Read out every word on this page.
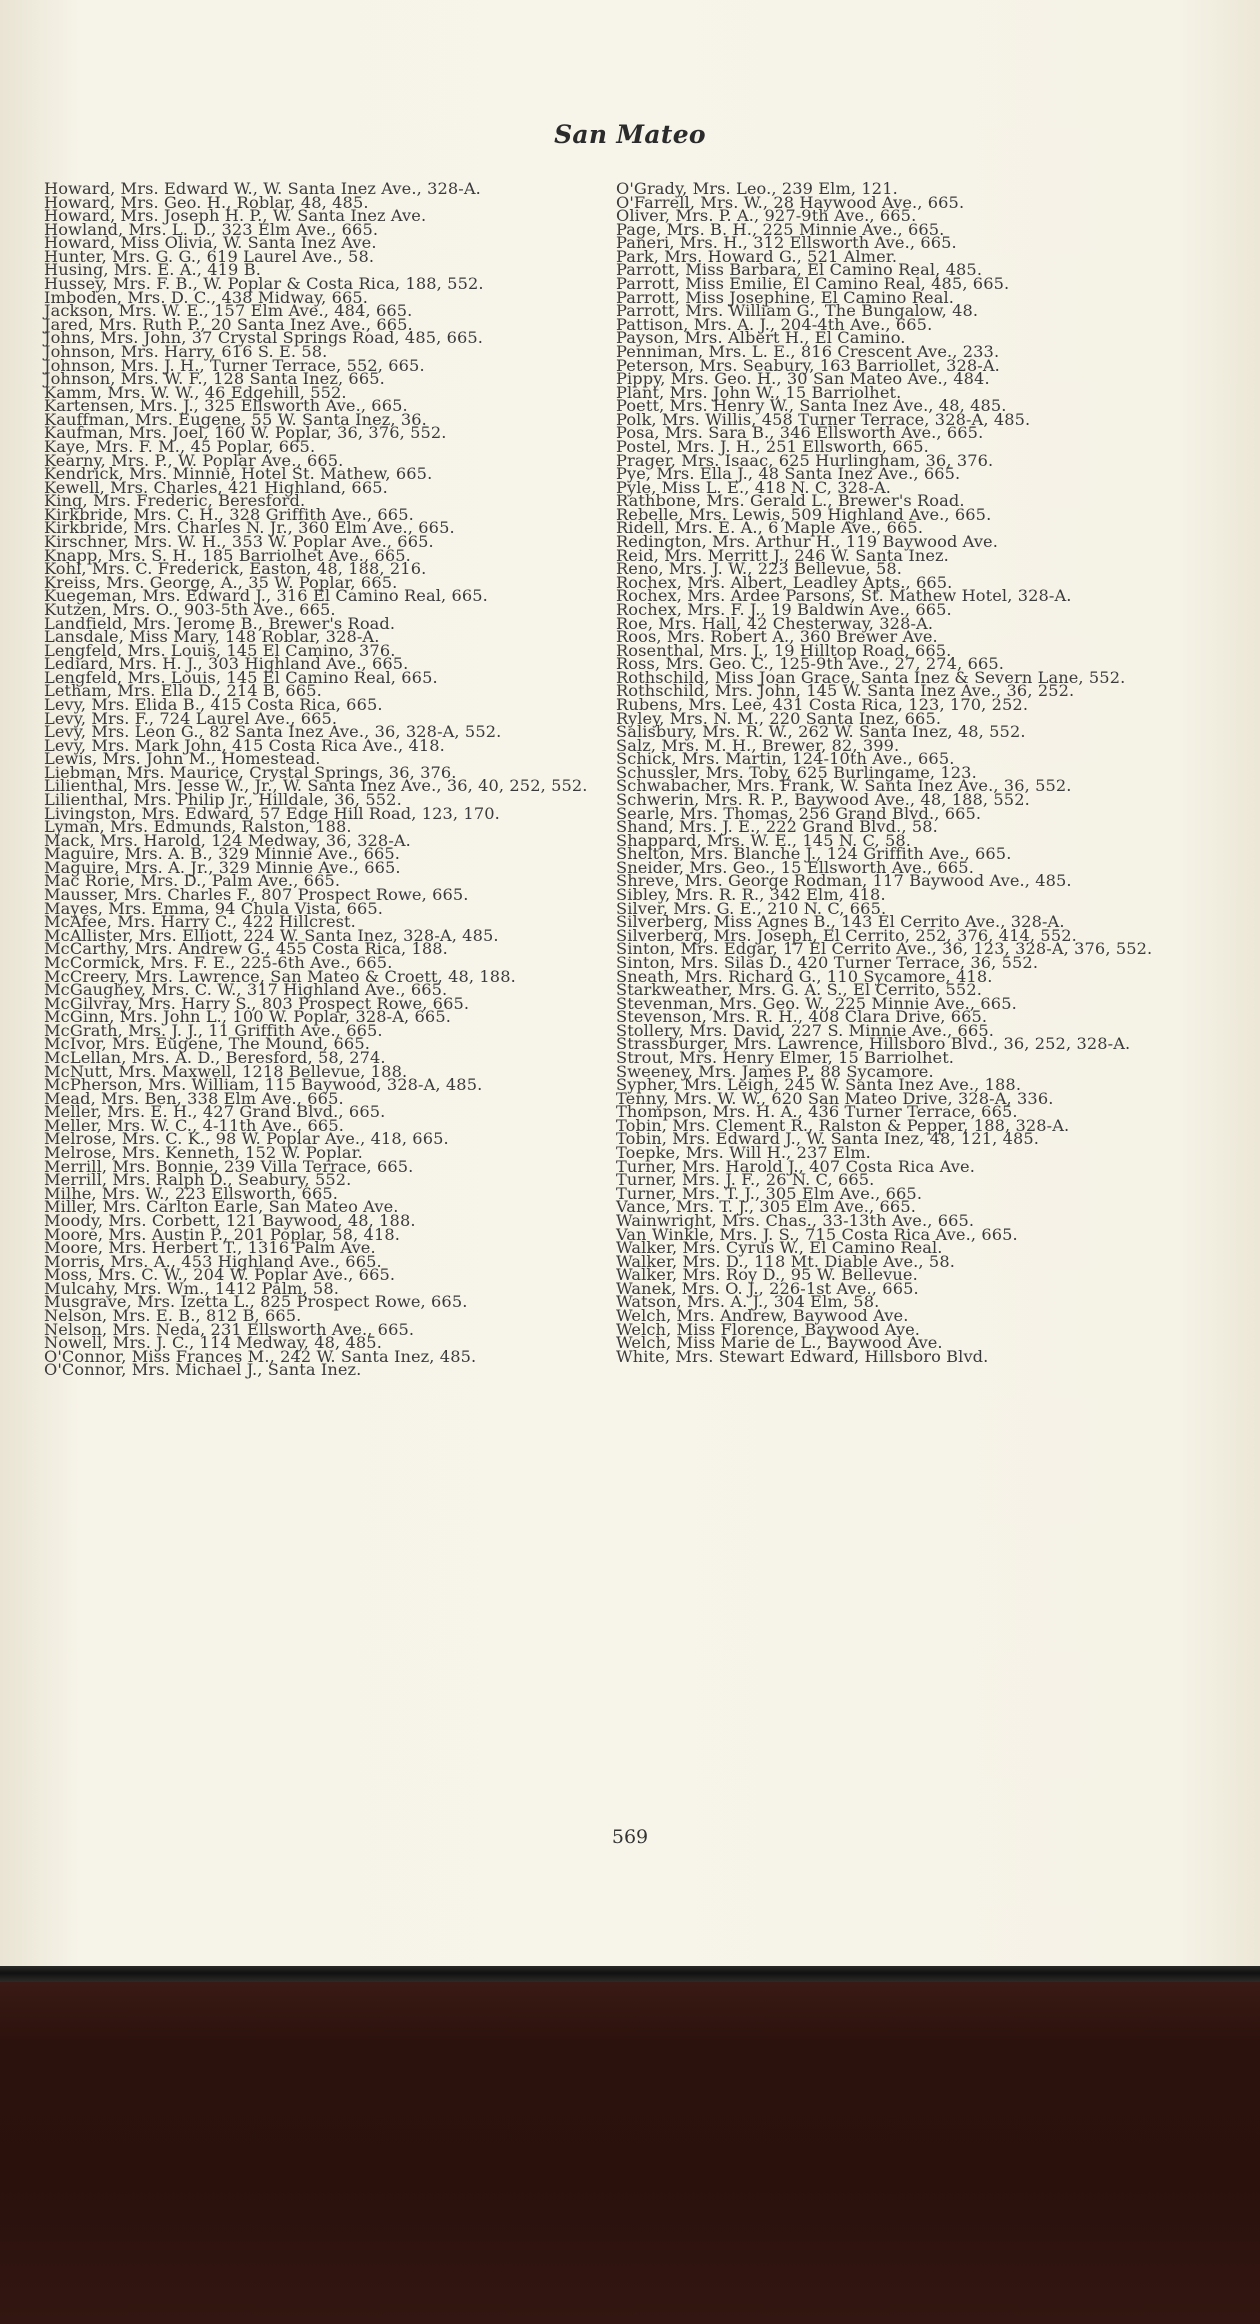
San Mateo

Howard, Mrs. Edward W., W. Santa Inez Ave., 328-A.

Howard, Mrs. Geo. H., Roblar, 48, 485.

Howard, Mrs. Joseph H. P., W. Santa Inez Ave.

Howland, Mrs. L. D., 323 Elm Ave., 665.

Howard, Miss Olivia, W. Santa Inez Ave.

Hunter, Mrs. G. G., 619 Laurel Ave., 58.

Husing, Mrs. E. A., 419 B.

Hussey, Mrs. F. B., W. Poplar & Costa Rica, 188, 552.

Imboden, Mrs. D. C., 438 Midway, 665.

Jackson, Mrs. W. E., 157 Elm Ave., 484, 665.

Jared, Mrs. Ruth P., 20 Santa Inez Ave., 665.

Johns, Mrs. John, 37 Crystal Springs Road, 485, 665.

Johnson, Mrs. Harry, 616 S. E. 58.

Johnson, Mrs. J. H., Turner Terrace, 552, 665.

Johnson, Mrs. W. F., 128 Santa Inez, 665.

Kamm, Mrs. W. W., 46 Edgehill, 552.

Kartensen, Mrs. J., 325 Ellsworth Ave., 665.

Kauffman, Mrs. Eugene, 55 W. Santa Inez, 36.

Kaufman, Mrs. Joel, 160 W. Poplar, 36, 376, 552.

Kaye, Mrs. F. M., 45 Poplar, 665.

Kearny, Mrs. P., W. Poplar Ave., 665.

Kendrick, Mrs. Minnie, Hotel St. Mathew, 665.

Kewell, Mrs. Charles, 421 Highland, 665.

King, Mrs. Frederic, Beresford.

Kirkbride, Mrs. C. H., 328 Griffith Ave., 665.

Kirkbride, Mrs. Charles N. Jr., 360 Elm Ave., 665.

Kirschner, Mrs. W. H., 353 W. Poplar Ave., 665.

Knapp, Mrs. S. H., 185 Barriolhet Ave., 665.

Kohl, Mrs. C. Frederick, Easton, 48, 188, 216.

Kreiss, Mrs. George, A., 35 W. Poplar, 665.

Kuegeman, Mrs. Edward J., 316 El Camino Real, 665.

Kutzen, Mrs. O., 903-5th Ave., 665.

Landfield, Mrs. Jerome B., Brewer's Road.

Lansdale, Miss Mary, 148 Roblar, 328-A.

Lengfeld, Mrs. Louis, 145 El Camino, 376.

Lediard, Mrs. H. J., 303 Highland Ave., 665.

Lengfeld, Mrs. Louis, 145 El Camino Real, 665.

Letham, Mrs. Ella D., 214 B, 665.

Levy, Mrs. Elida B., 415 Costa Rica, 665.

Levy, Mrs. F., 724 Laurel Ave., 665.

Levy, Mrs. Leon G., 82 Santa Inez Ave., 36, 328-A, 552.

Levy, Mrs. Mark John, 415 Costa Rica Ave., 418.

Lewis, Mrs. John M., Homestead.

Liebman, Mrs. Maurice, Crystal Springs, 36, 376.

Lilienthal, Mrs. Jesse W., Jr., W. Santa Inez Ave., 36, 40, 252, 552.

Lilienthal, Mrs. Philip Jr., Hilldale, 36, 552.

Livingston, Mrs. Edward, 57 Edge Hill Road, 123, 170.

Lyman, Mrs. Edmunds, Ralston, 188.

Mack, Mrs. Harold, 124 Medway, 36, 328-A.

Maguire, Mrs. A. B., 329 Minnie Ave., 665.

Maguire, Mrs. A. Jr., 329 Minnie Ave., 665.

Mac Rorie, Mrs. D., Palm Ave., 665.

Mausser, Mrs. Charles F., 807 Prospect Rowe, 665.

Mayes, Mrs. Emma, 94 Chula Vista, 665.

McAfee, Mrs. Harry C., 422 Hillcrest.

McAllister, Mrs. Elliott, 224 W. Santa Inez, 328-A, 485.

McCarthy, Mrs. Andrew G., 455 Costa Rica, 188.

McCormick, Mrs. F. E., 225-6th Ave., 665.

McCreery, Mrs. Lawrence, San Mateo & Croett, 48, 188.

McGaughey, Mrs. C. W., 317 Highland Ave., 665.

McGilvray, Mrs. Harry S., 803 Prospect Rowe, 665.

McGinn, Mrs. John L., 100 W. Poplar, 328-A, 665.

McGrath, Mrs. J. J., 11 Griffith Ave., 665.

McIvor, Mrs. Eugene, The Mound, 665.

McLellan, Mrs. A. D., Beresford, 58, 274.

McNutt, Mrs. Maxwell, 1218 Bellevue, 188.

McPherson, Mrs. William, 115 Baywood, 328-A, 485.

Mead, Mrs. Ben, 338 Elm Ave., 665.

Meller, Mrs. E. H., 427 Grand Blvd., 665.

Meller, Mrs. W. C., 4-11th Ave., 665.

Melrose, Mrs. C. K., 98 W. Poplar Ave., 418, 665.

Melrose, Mrs. Kenneth, 152 W. Poplar.

Merrill, Mrs. Bonnie, 239 Villa Terrace, 665.

Merrill, Mrs. Ralph D., Seabury, 552.

Milhe, Mrs. W., 223 Ellsworth, 665.

Miller, Mrs. Carlton Earle, San Mateo Ave.

Moody, Mrs. Corbett, 121 Baywood, 48, 188.

Moore, Mrs. Austin P., 201 Poplar, 58, 418.

Moore, Mrs. Herbert T., 1316 Palm Ave.

Morris, Mrs. A., 453 Highland Ave., 665.

Moss, Mrs. C. W., 204 W. Poplar Ave., 665.

Mulcahy, Mrs. Wm., 1412 Palm, 58.

Musgrave, Mrs. Izetta L., 825 Prospect Rowe, 665.

Nelson, Mrs. E. B., 812 B, 665.

Nelson, Mrs. Neda, 231 Ellsworth Ave., 665.

Nowell, Mrs. J. C., 114 Medway, 48, 485.

O'Connor, Miss Frances M., 242 W. Santa Inez, 485.

O'Connor, Mrs. Michael J., Santa Inez.

O'Grady, Mrs. Leo., 239 Elm, 121.

O'Farrell, Mrs. W., 28 Haywood Ave., 665.

Oliver, Mrs. P. A., 927-9th Ave., 665.

Page, Mrs. B. H., 225 Minnie Ave., 665.

Paneri, Mrs. H., 312 Ellsworth Ave., 665.

Park, Mrs. Howard G., 521 Almer.

Parrott, Miss Barbara, El Camino Real, 485.

Parrott, Miss Emilie, El Camino Real, 485, 665.

Parrott, Miss Josephine, El Camino Real.

Parrott, Mrs. William G., The Bungalow, 48.

Pattison, Mrs. A. J., 204-4th Ave., 665.

Payson, Mrs. Albert H., El Camino.

Penniman, Mrs. L. E., 816 Crescent Ave., 233.

Peterson, Mrs. Seabury, 163 Barriollet, 328-A.

Pippy, Mrs. Geo. H., 30 San Mateo Ave., 484.

Plant, Mrs. John W., 15 Barriolhet.

Poett, Mrs. Henry W., Santa Inez Ave., 48, 485.

Polk, Mrs. Willis, 458 Turner Terrace, 328-A, 485.

Posa, Mrs. Sara B., 346 Ellsworth Ave., 665.

Postel, Mrs. J. H., 251 Ellsworth, 665.

Prager, Mrs. Isaac, 625 Hurlingham, 36, 376.

Pye, Mrs. Ella J., 48 Santa Inez Ave., 665.

Pyle, Miss L. E., 418 N. C, 328-A.

Rathbone, Mrs. Gerald L., Brewer's Road.

Rebelle, Mrs. Lewis, 509 Highland Ave., 665.

Ridell, Mrs. E. A., 6 Maple Ave., 665.

Redington, Mrs. Arthur H., 119 Baywood Ave.

Reid, Mrs. Merritt J., 246 W. Santa Inez.

Reno, Mrs. J. W., 223 Bellevue, 58.

Rochex, Mrs. Albert, Leadley Apts., 665.

Rochex, Mrs. Ardee Parsons, St. Mathew Hotel, 328-A.

Rochex, Mrs. F. J., 19 Baldwin Ave., 665.

Roe, Mrs. Hall, 42 Chesterway, 328-A.

Roos, Mrs. Robert A., 360 Brewer Ave.

Rosenthal, Mrs. J., 19 Hilltop Road, 665.

Ross, Mrs. Geo. C., 125-9th Ave., 27, 274, 665.

Rothschild, Miss Joan Grace, Santa Inez & Severn Lane, 552.

Rothschild, Mrs. John, 145 W. Santa Inez Ave., 36, 252.

Rubens, Mrs. Lee, 431 Costa Rica, 123, 170, 252.

Ryley, Mrs. N. M., 220 Santa Inez, 665.

Salisbury, Mrs. R. W., 262 W. Santa Inez, 48, 552.

Salz, Mrs. M. H., Brewer, 82, 399.

Schick, Mrs. Martin, 124-10th Ave., 665.

Schussler, Mrs. Toby, 625 Burlingame, 123.

Schwabacher, Mrs. Frank, W. Santa Inez Ave., 36, 552.

Schwerin, Mrs. R. P., Baywood Ave., 48, 188, 552.

Searle, Mrs. Thomas, 256 Grand Blvd., 665.

Shand, Mrs. J. E., 222 Grand Blvd., 58.

Shappard, Mrs. W. E., 145 N. C, 58.

Shelton, Mrs. Blanche J., 124 Griffith Ave., 665.

Sneider, Mrs. Geo., 15 Ellsworth Ave., 665.

Shreve, Mrs. George Rodman, 117 Baywood Ave., 485.

Sibley, Mrs. R. R., 342 Elm, 418.

Silver, Mrs. G. E., 210 N. C, 665.

Silverberg, Miss Agnes B., 143 El Cerrito Ave., 328-A.

Silverberg, Mrs. Joseph, El Cerrito, 252, 376, 414, 552.

Sinton, Mrs. Edgar, 17 El Cerrito Ave., 36, 123, 328-A, 376, 552.

Sinton, Mrs. Silas D., 420 Turner Terrace, 36, 552.

Sneath, Mrs. Richard G., 110 Sycamore, 418.

Starkweather, Mrs. G. A. S., El Cerrito, 552.

Stevenman, Mrs. Geo. W., 225 Minnie Ave., 665.

Stevenson, Mrs. R. H., 408 Clara Drive, 665.

Stollery, Mrs. David, 227 S. Minnie Ave., 665.

Strassburger, Mrs. Lawrence, Hillsboro Blvd., 36, 252, 328-A.

Strout, Mrs. Henry Elmer, 15 Barriolhet.

Sweeney, Mrs. James P., 88 Sycamore.

Sypher, Mrs. Leigh, 245 W. Santa Inez Ave., 188.

Tenny, Mrs. W. W., 620 San Mateo Drive, 328-A, 336.

Thompson, Mrs. H. A., 436 Turner Terrace, 665.

Tobin, Mrs. Clement R., Ralston & Pepper, 188, 328-A.

Tobin, Mrs. Edward J., W. Santa Inez, 48, 121, 485.

Toepke, Mrs. Will H., 237 Elm.

Turner, Mrs. Harold J., 407 Costa Rica Ave.

Turner, Mrs. J. F., 26 N. C, 665.

Turner, Mrs. T. J., 305 Elm Ave., 665.

Vance, Mrs. T. J., 305 Elm Ave., 665.

Wainwright, Mrs. Chas., 33-13th Ave., 665.

Van Winkle, Mrs. J. S., 715 Costa Rica Ave., 665.

Walker, Mrs. Cyrus W., El Camino Real.

Walker, Mrs. D., 118 Mt. Diable Ave., 58.

Walker, Mrs. Roy D., 95 W. Bellevue.

Wanek, Mrs. O. J., 226-1st Ave., 665.

Watson, Mrs. A. J., 304 Elm, 58.

Welch, Mrs. Andrew, Baywood Ave.

Welch, Miss Florence, Baywood Ave.

Welch, Miss Marie de L., Baywood Ave.

White, Mrs. Stewart Edward, Hillsboro Blvd.

569
